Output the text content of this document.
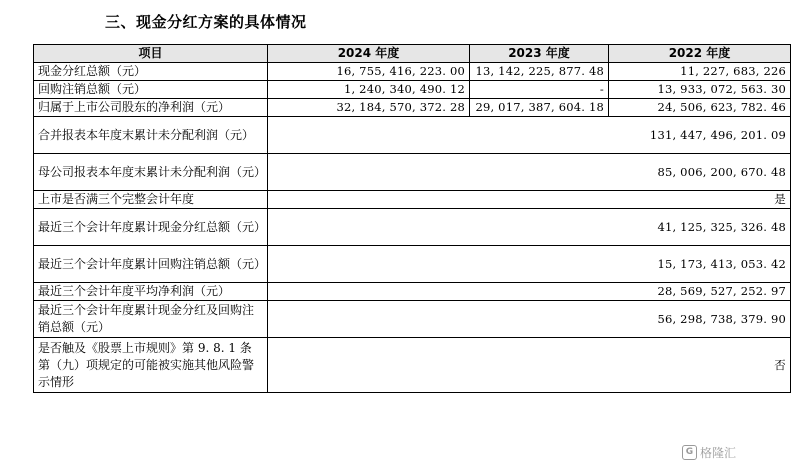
三、现金分红方案的具体情况
项目	2024 年度	2023 年度	2022 年度
现金分红总额（元）	16, 755, 416, 223. 00	13, 142, 225, 877. 48	11, 227, 683, 226
回购注销总额（元）	1, 240, 340, 490. 12	-	13, 933, 072, 563. 30
归属于上市公司股东的净利润（元）	32, 184, 570, 372. 28	29, 017, 387, 604. 18	24, 506, 623, 782. 46
合并报表本年度末累计未分配利润（元）	131, 447, 496, 201. 09		
母公司报表本年度末累计未分配利润（元）	85, 006, 200, 670. 48		
上市是否满三个完整会计年度	是		
最近三个会计年度累计现金分红总额（元）	41, 125, 325, 326. 48		
最近三个会计年度累计回购注销总额（元）	15, 173, 413, 053. 42		
最近三个会计年度平均净利润（元）	28, 569, 527, 252. 97		
最近三个会计年度累计现金分红及回购注销总额（元）	56, 298, 738, 379. 90		
是否触及《股票上市规则》第 9. 8. 1 条第（九）项规定的可能被实施其他风险警示情形	否		
G 格隆汇
